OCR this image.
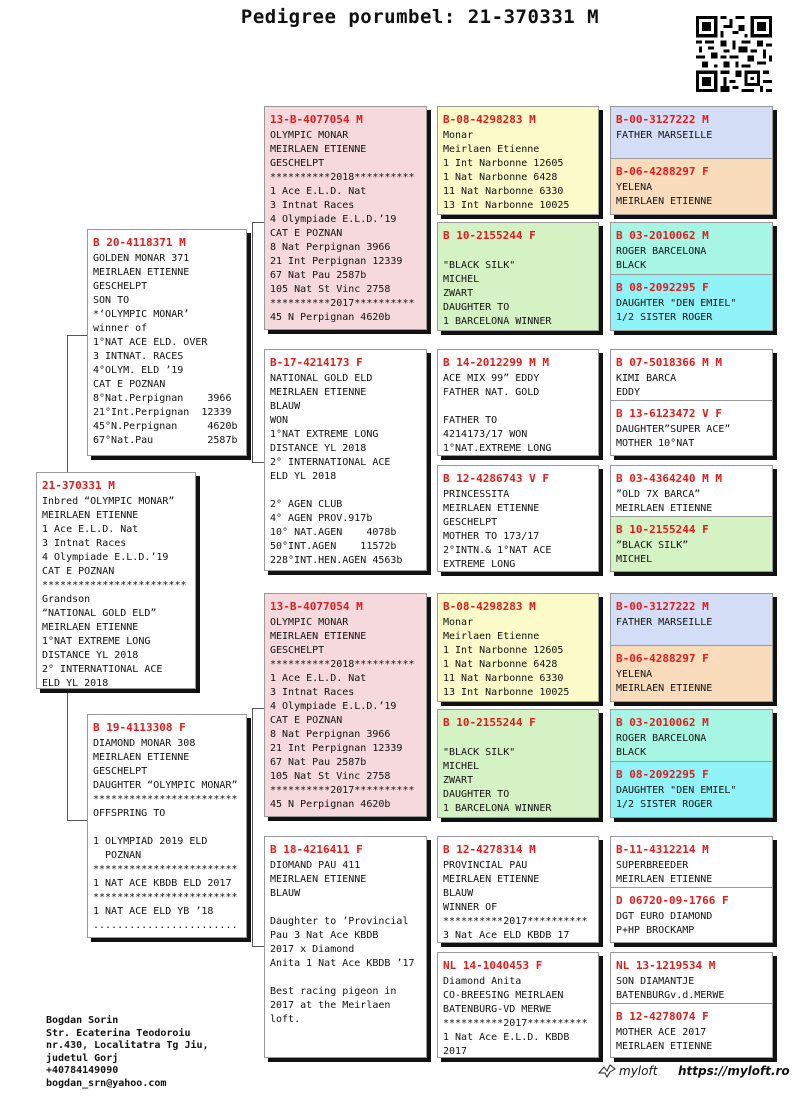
Pedigree porumbel: 21-370331 M
21-370331 M
Inbred “OLYMPIC MONAR”
MEIRLAEN ETIENNE
1 Ace E.L.D. Nat
3 Intnat Races
4 Olympiade E.L.D.’19
CAT E POZNAN
************************
Grandson
“NATIONAL GOLD ELD”
MEIRLAEN ETIENNE
1°NAT EXTREME LONG
DISTANCE YL 2018
2° INTERNATIONAL ACE
ELD YL 2018
B 20-4118371 M
GOLDEN MONAR 371
MEIRLAEN ETIENNE
GESCHELPT
SON TO
*‘OLYMPIC MONAR’
winner of
1°NAT ACE ELD. OVER
3 INTNAT. RACES
4°OLYM. ELD ’19
CAT E POZNAN
8°Nat.Perpignan    3966
21°Int.Perpignan  12339
45°N.Perpignan     4620b
67°Nat.Pau         2587b
B 19-4113308 F
DIAMOND MONAR 308
MEIRLAEN ETIENNE
GESCHELPT
DAUGHTER “OLYMPIC MONAR”
************************
OFFSPRING TO

1 OLYMPIAD 2019 ELD
POZNAN
************************
1 NAT ACE KBDB ELD 2017
************************
1 NAT ACE ELD YB ’18
........................
13-B-4077054 M
OLYMPIC MONAR
MEIRLAEN ETIENNE
GESCHELPT
**********2018**********
1 Ace E.L.D. Nat
3 Intnat Races
4 Olympiade E.L.D.’19
CAT E POZNAN
8 Nat Perpignan 3966
21 Int Perpignan 12339
67 Nat Pau 2587b
105 Nat St Vinc 2758
**********2017**********
45 N Perpignan 4620b
B-17-4214173 F
NATIONAL GOLD ELD
MEIRLAEN ETIENNE
BLAUW
WON
1°NAT EXTREME LONG
DISTANCE YL 2018
2° INTERNATIONAL ACE
ELD YL 2018

2° AGEN CLUB
4° AGEN PROV.917b
10° NAT.AGEN    4078b
50°INT.AGEN    11572b
228°INT.HEN.AGEN 4563b
13-B-4077054 M
OLYMPIC MONAR
MEIRLAEN ETIENNE
GESCHELPT
**********2018**********
1 Ace E.L.D. Nat
3 Intnat Races
4 Olympiade E.L.D.’19
CAT E POZNAN
8 Nat Perpignan 3966
21 Int Perpignan 12339
67 Nat Pau 2587b
105 Nat St Vinc 2758
**********2017**********
45 N Perpignan 4620b
B 18-4216411 F
DIOMAND PAU 411
MEIRLAEN ETIENNE
BLAUW

Daughter to ’Provincial
Pau 3 Nat Ace KBDB
2017 x Diamond
Anita 1 Nat Ace KBDB ’17

Best racing pigeon in
2017 at the Meirlaen
loft.
B-08-4298283 M
Monar
Meirlaen Etienne
1 Int Narbonne 12605
1 Nat Narbonne 6428
11 Nat Narbonne 6330
13 Int Narbonne 10025
B 10-2155244 F

"BLACK SILK"
MICHEL
ZWART
DAUGHTER TO
1 BARCELONA WINNER
B 14-2012299 M M
ACE MIX 99” EDDY
FATHER NAT. GOLD

FATHER TO
4214173/17 WON
1°NAT.EXTREME LONG
B 12-4286743 V F
PRINCESSITA
MEIRLAEN ETIENNE
GESCHELPT
MOTHER TO 173/17
2°INTN.& 1°NAT ACE
EXTREME LONG
B-08-4298283 M
Monar
Meirlaen Etienne
1 Int Narbonne 12605
1 Nat Narbonne 6428
11 Nat Narbonne 6330
13 Int Narbonne 10025
B 10-2155244 F

"BLACK SILK"
MICHEL
ZWART
DAUGHTER TO
1 BARCELONA WINNER
B 12-4278314 M
PROVINCIAL PAU
MEIRLAEN ETIENNE
BLAUW
WINNER OF
**********2017**********
3 Nat Ace ELD KBDB 17
NL 14-1040453 F
Diamond Anita
CO-BREESING MEIRLAEN
BATENBURG-VD MERWE
**********2017**********
1 Nat Ace E.L.D. KBDB
2017
B-00-3127222 M
FATHER MARSEILLE
B-06-4288297 F
YELENA
MEIRLAEN ETIENNE
B 03-2010062 M
ROGER BARCELONA
BLACK
B 08-2092295 F
DAUGHTER "DEN EMIEL"
1/2 SISTER ROGER
B 07-5018366 M M
KIMI BARCA
EDDY
B 13-6123472 V F
DAUGHTER”SUPER ACE”
MOTHER 10°NAT
B 03-4364240 M M
”OLD 7X BARCA”
MEIRLAEN ETIENNE
B 10-2155244 F
”BLACK SILK”
MICHEL
B-00-3127222 M
FATHER MARSEILLE
B-06-4288297 F
YELENA
MEIRLAEN ETIENNE
B 03-2010062 M
ROGER BARCELONA
BLACK
B 08-2092295 F
DAUGHTER "DEN EMIEL"
1/2 SISTER ROGER
B-11-4312214 M
SUPERBREEDER
MEIRLAEN ETIENNE
D 06720-09-1766 F
DGT EURO DIAMOND
P+HP BROCKAMP
NL 13-1219534 M
SON DIAMANTJE
BATENBURGv.d.MERWE
B 12-4278074 F
MOTHER ACE 2017
MEIRLAEN ETIENNE
Bogdan Sorin
Str. Ecaterina Teodoroiu
nr.430, Localitatra Tg Jiu,
judetul Gorj
+40784149090
bogdan_srn@yahoo.com
myloft https://myloft.ro
